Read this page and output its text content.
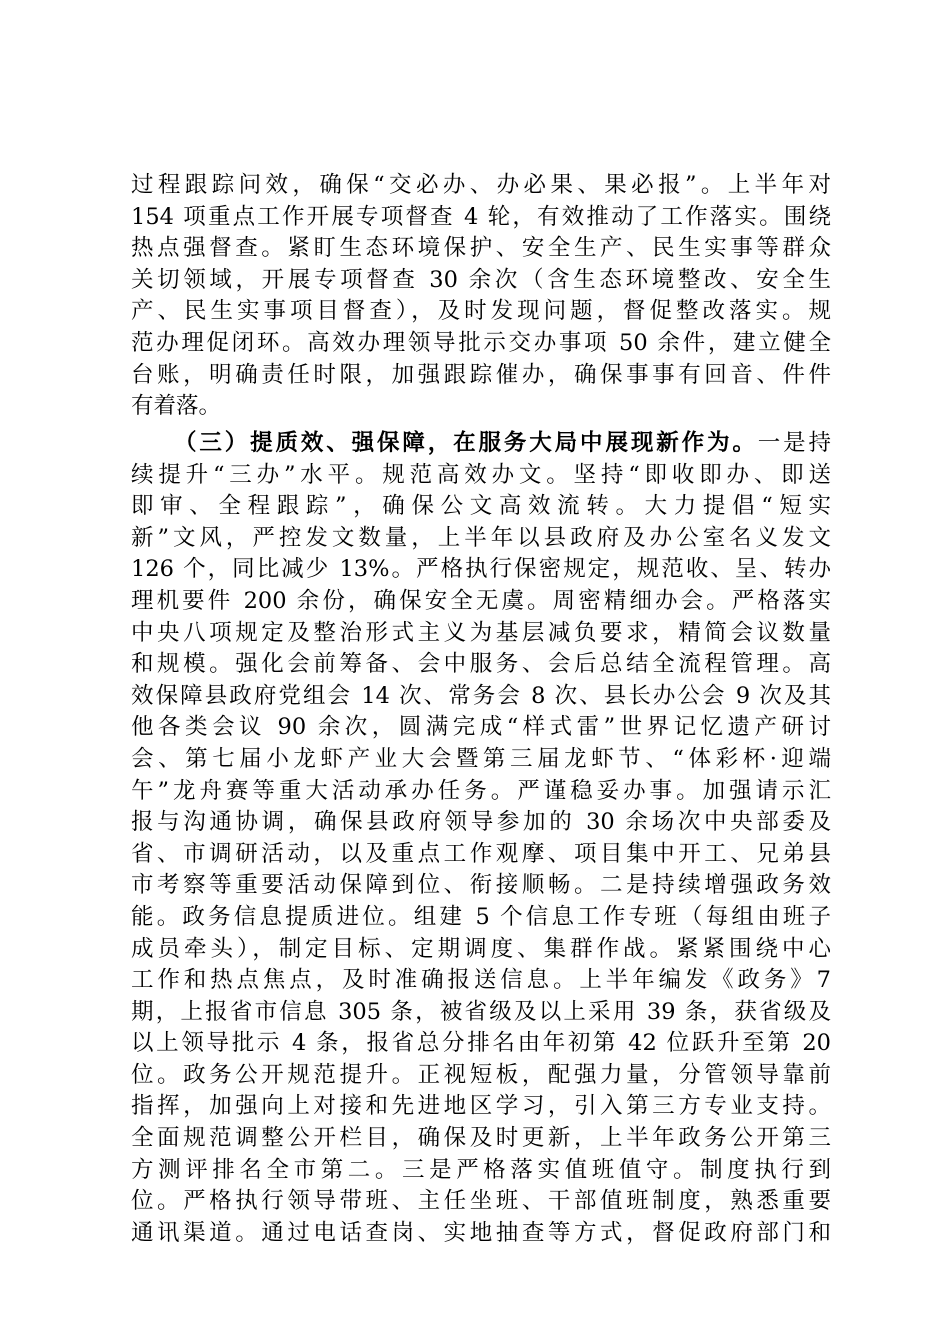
过程跟踪问效，确保“交必办、办必果、果必报”。上半年对
154 项重点工作开展专项督查 4 轮，有效推动了工作落实。围绕
热点强督查。紧盯生态环境保护、安全生产、民生实事等群众
关切领域，开展专项督查 30 余次（含生态环境整改、安全生
产、民生实事项目督查），及时发现问题，督促整改落实。规
范办理促闭环。高效办理领导批示交办事项 50 余件，建立健全
台账，明确责任时限，加强跟踪催办，确保事事有回音、件件
有着落。
（三）提质效、强保障，在服务大局中展现新作为。一是持
续提升“三办”水平。规范高效办文。坚持“即收即办、即送
即审、全程跟踪”，确保公文高效流转。大力提倡“短实
新”文风，严控发文数量，上半年以县政府及办公室名义发文
126 个，同比减少 13%。严格执行保密规定，规范收、呈、转办
理机要件 200 余份，确保安全无虞。周密精细办会。严格落实
中央八项规定及整治形式主义为基层减负要求，精简会议数量
和规模。强化会前筹备、会中服务、会后总结全流程管理。高
效保障县政府党组会 14 次、常务会 8 次、县长办公会 9 次及其
他各类会议 90 余次，圆满完成“样式雷”世界记忆遗产研讨
会、第七届小龙虾产业大会暨第三届龙虾节、“体彩杯·迎端
午”龙舟赛等重大活动承办任务。严谨稳妥办事。加强请示汇
报与沟通协调，确保县政府领导参加的 30 余场次中央部委及
省、市调研活动，以及重点工作观摩、项目集中开工、兄弟县
市考察等重要活动保障到位、衔接顺畅。二是持续增强政务效
能。政务信息提质进位。组建 5 个信息工作专班（每组由班子
成员牵头），制定目标、定期调度、集群作战。紧紧围绕中心
工作和热点焦点，及时准确报送信息。上半年编发《政务》7
期，上报省市信息 305 条，被省级及以上采用 39 条，获省级及
以上领导批示 4 条，报省总分排名由年初第 42 位跃升至第 20
位。政务公开规范提升。正视短板，配强力量，分管领导靠前
指挥，加强向上对接和先进地区学习，引入第三方专业支持。
全面规范调整公开栏目，确保及时更新，上半年政务公开第三
方测评排名全市第二。三是严格落实值班值守。制度执行到
位。严格执行领导带班、主任坐班、干部值班制度，熟悉重要
通讯渠道。通过电话查岗、实地抽查等方式，督促政府部门和
